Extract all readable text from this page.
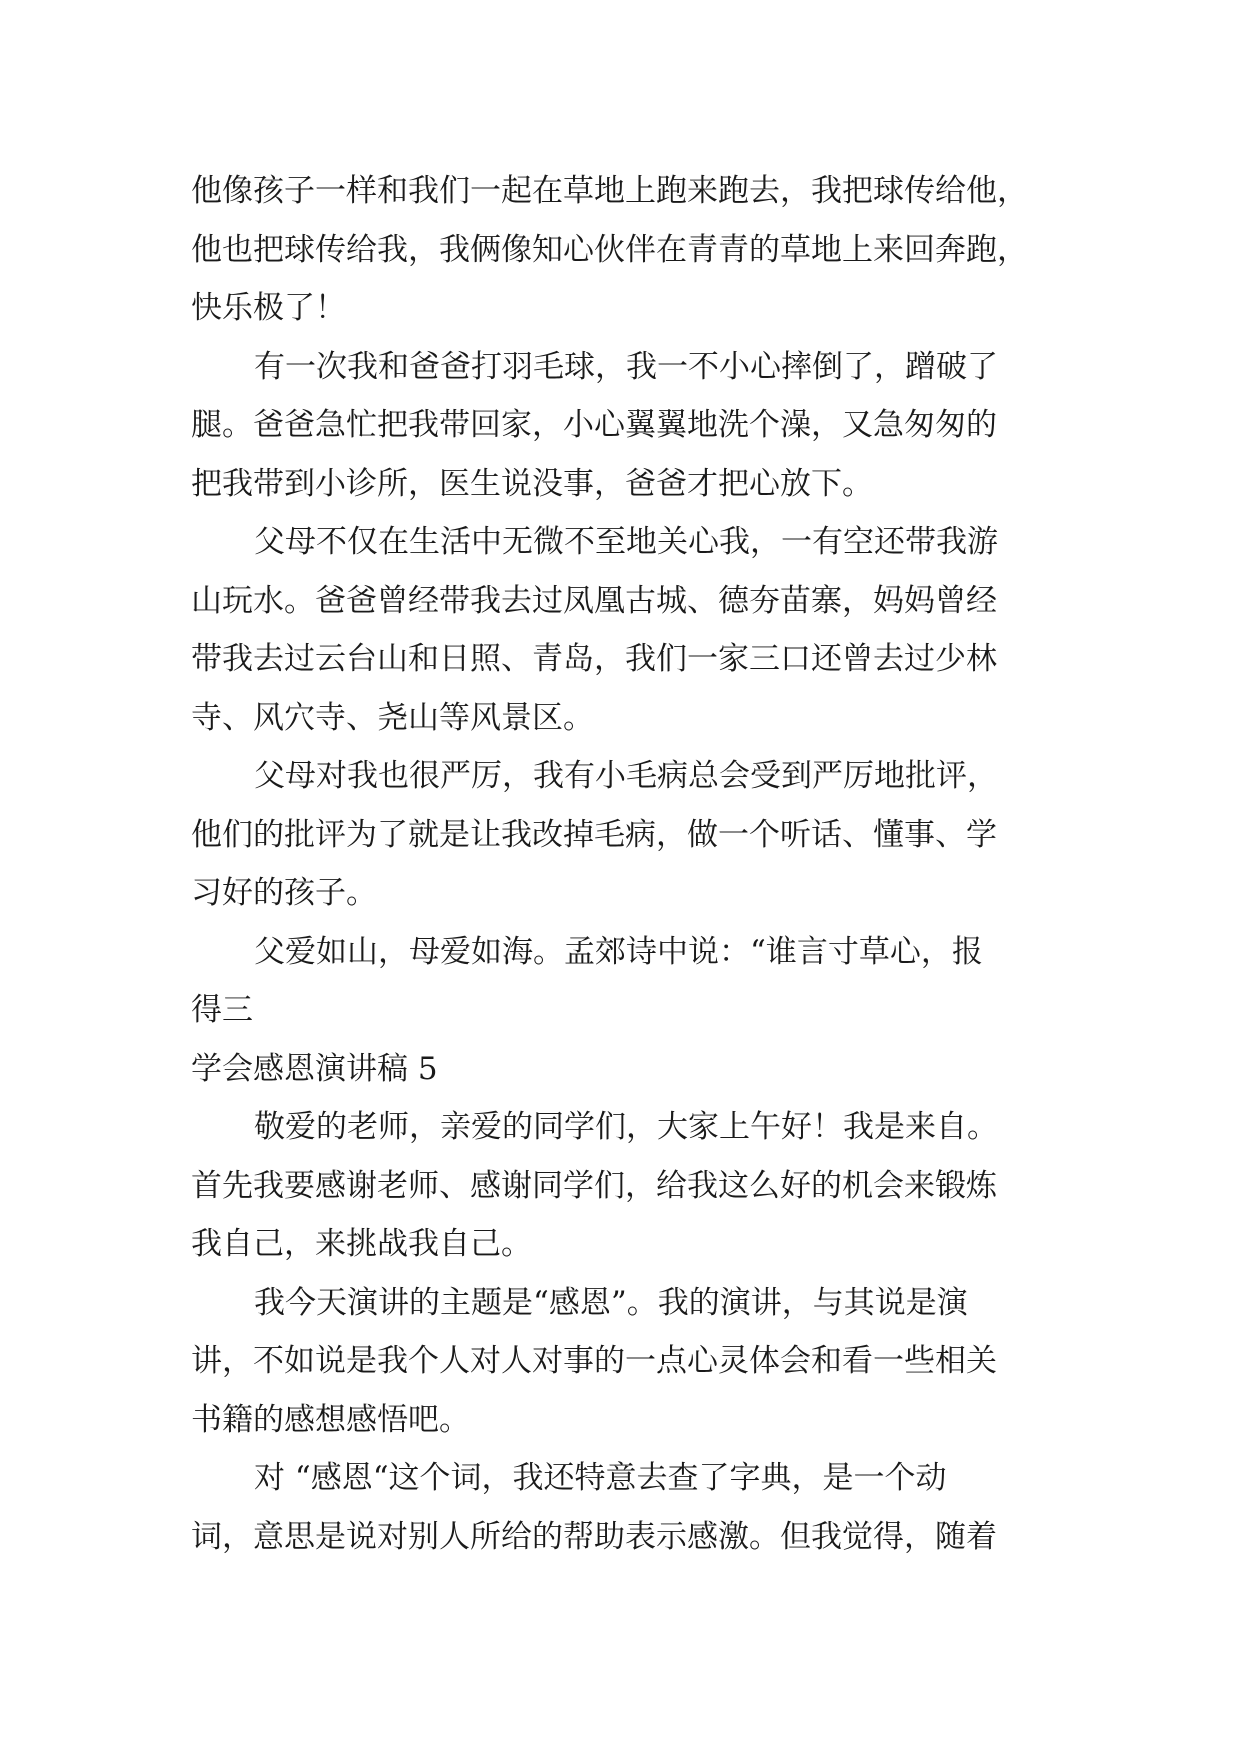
他像孩子一样和我们一起在草地上跑来跑去，我把球传给他，
他也把球传给我，我俩像知心伙伴在青青的草地上来回奔跑，
快乐极了！
有一次我和爸爸打羽毛球，我一不小心摔倒了，蹭破了
腿。爸爸急忙把我带回家，小心翼翼地洗个澡，又急匆匆的
把我带到小诊所，医生说没事，爸爸才把心放下。
父母不仅在生活中无微不至地关心我，一有空还带我游
山玩水。爸爸曾经带我去过凤凰古城、德夯苗寨，妈妈曾经
带我去过云台山和日照、青岛，我们一家三口还曾去过少林
寺、风穴寺、尧山等风景区。
父母对我也很严厉，我有小毛病总会受到严厉地批评，
他们的批评为了就是让我改掉毛病，做一个听话、懂事、学
习好的孩子。
父爱如山，母爱如海。孟郊诗中说：“谁言寸草心，报
得三
学会感恩演讲稿 5
敬爱的老师，亲爱的同学们，大家上午好！我是来自。
首先我要感谢老师、感谢同学们，给我这么好的机会来锻炼
我自己，来挑战我自己。
我今天演讲的主题是“感恩”。我的演讲，与其说是演
讲，不如说是我个人对人对事的一点心灵体会和看一些相关
书籍的感想感悟吧。
对 “感恩“这个词，我还特意去查了字典，是一个动
词，意思是说对别人所给的帮助表示感激。但我觉得，随着
